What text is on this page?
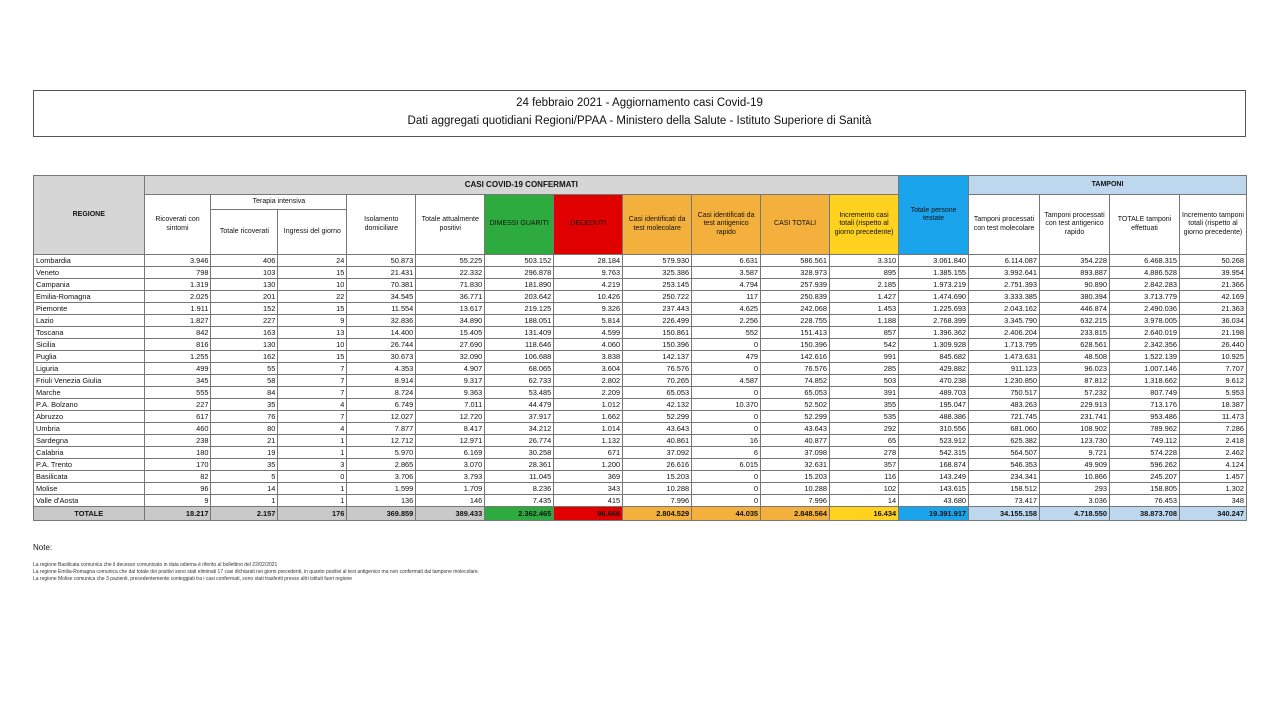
24 febbraio 2021 - Aggiornamento casi Covid-19
Dati aggregati quotidiani Regioni/PPAA - Ministero della Salute - Istituto Superiore di Sanità
REGIONE	CASI COVID-19 CONFERMATI											Totale persone testate	TAMPONI			
	Ricoverati con sintomi	Terapia intensiva		Isolamento domiciliare	Totale attualmente positivi	DIMESSI GUARITI	DECEDUTI	Casi identificati da test molecolare	Casi identificati da test antigenico rapido	CASI TOTALI	Incremento casi totali (rispetto al giorno precedente)		Tamponi processati con test molecolare	Tamponi processati con test antigenico rapido	TOTALE tamponi effettuati	Incremento tamponi totali (rispetto al giorno precedente)
		Totale ricoverati	Ingressi del giorno													
Lombardia	3.946	406	24	50.873	55.225	503.152	28.184	579.930	6.631	586.561	3.310	3.061.840	6.114.087	354.228	6.468.315	50.268
Veneto	798	103	15	21.431	22.332	296.878	9.763	325.386	3.587	328.973	895	1.385.155	3.992.641	893.887	4.886.528	39.954
Campania	1.319	130	10	70.381	71.830	181.890	4.219	253.145	4.794	257.939	2.185	1.973.219	2.751.393	90.890	2.842.283	21.366
Emilia-Romagna	2.025	201	22	34.545	36.771	203.642	10.426	250.722	117	250.839	1.427	1.474.690	3.333.385	380.394	3.713.779	42.169
Piemonte	1.911	152	15	11.554	13.617	219.125	9.326	237.443	4.625	242.068	1.453	1.225.693	2.043.162	446.874	2.490.036	21.363
Lazio	1.827	227	9	32.836	34.890	188.051	5.814	226.499	2.256	228.755	1.188	2.768.399	3.345.790	632.215	3.978.005	36.034
Toscana	842	163	13	14.400	15.405	131.409	4.599	150.861	552	151.413	857	1.396.362	2.406.204	233.815	2.640.019	21.198
Sicilia	816	130	10	26.744	27.690	118.646	4.060	150.396	0	150.396	542	1.309.928	1.713.795	628.561	2.342.356	26.440
Puglia	1.255	162	15	30.673	32.090	106.688	3.838	142.137	479	142.616	991	845.682	1.473.631	48.508	1.522.139	10.925
Liguria	499	55	7	4.353	4.907	68.065	3.604	76.576	0	76.576	285	429.882	911.123	96.023	1.007.146	7.707
Friuli Venezia Giulia	345	58	7	8.914	9.317	62.733	2.802	70.265	4.587	74.852	503	470.238	1.230.850	87.812	1.318.662	9.612
Marche	555	84	7	8.724	9.363	53.485	2.209	65.053	0	65.053	391	489.703	750.517	57.232	807.749	5.953
P.A. Bolzano	227	35	4	6.749	7.011	44.479	1.012	42.132	10.370	52.502	355	195.047	483.263	229.913	713.176	18.387
Abruzzo	617	76	7	12.027	12.720	37.917	1.662	52.299	0	52.299	535	488.386	721.745	231.741	953.486	11.473
Umbria	460	80	4	7.877	8.417	34.212	1.014	43.643	0	43.643	292	310.556	681.060	108.902	789.962	7.286
Sardegna	238	21	1	12.712	12.971	26.774	1.132	40.861	16	40.877	65	523.912	625.382	123.730	749.112	2.418
Calabria	180	19	1	5.970	6.169	30.258	671	37.092	6	37.098	278	542.315	564.507	9.721	574.228	2.462
P.A. Trento	170	35	3	2.865	3.070	28.361	1.200	26.616	6.015	32.631	357	168.874	546.353	49.909	596.262	4.124
Basilicata	82	5	0	3.706	3.793	11.045	369	15.203	0	15.203	116	143.249	234.341	10.866	245.207	1.457
Molise	96	14	1	1.599	1.709	8.236	343	10.288	0	10.288	102	143.615	158.512	293	158.805	1.302
Valle d'Aosta	9	1	1	136	146	7.435	415	7.996	0	7.996	14	43.680	73.417	3.036	76.453	348
TOTALE	18.217	2.157	176	369.859	389.433	2.362.465	96.666	2.804.529	44.035	2.848.564	16.434	19.391.917	34.155.158	4.718.550	38.873.708	340.247
Note:
La regione Basilicata comunica che il decesso comunicato in data odierna è riferito al bollettino del 22/02/2021
La regione Emilia-Romagna comunica che dal totale dei positivi sono stati eliminati 17 casi dichiarati nei giorni precedenti, in quanto positivi al test antigenico ma non confermati dal tampone molecolare.
La regione Molise comunica che 3 pazienti, precedentemente conteggiati tra i casi confermati, sono stati trasferiti presso altri istituti fuori regione
